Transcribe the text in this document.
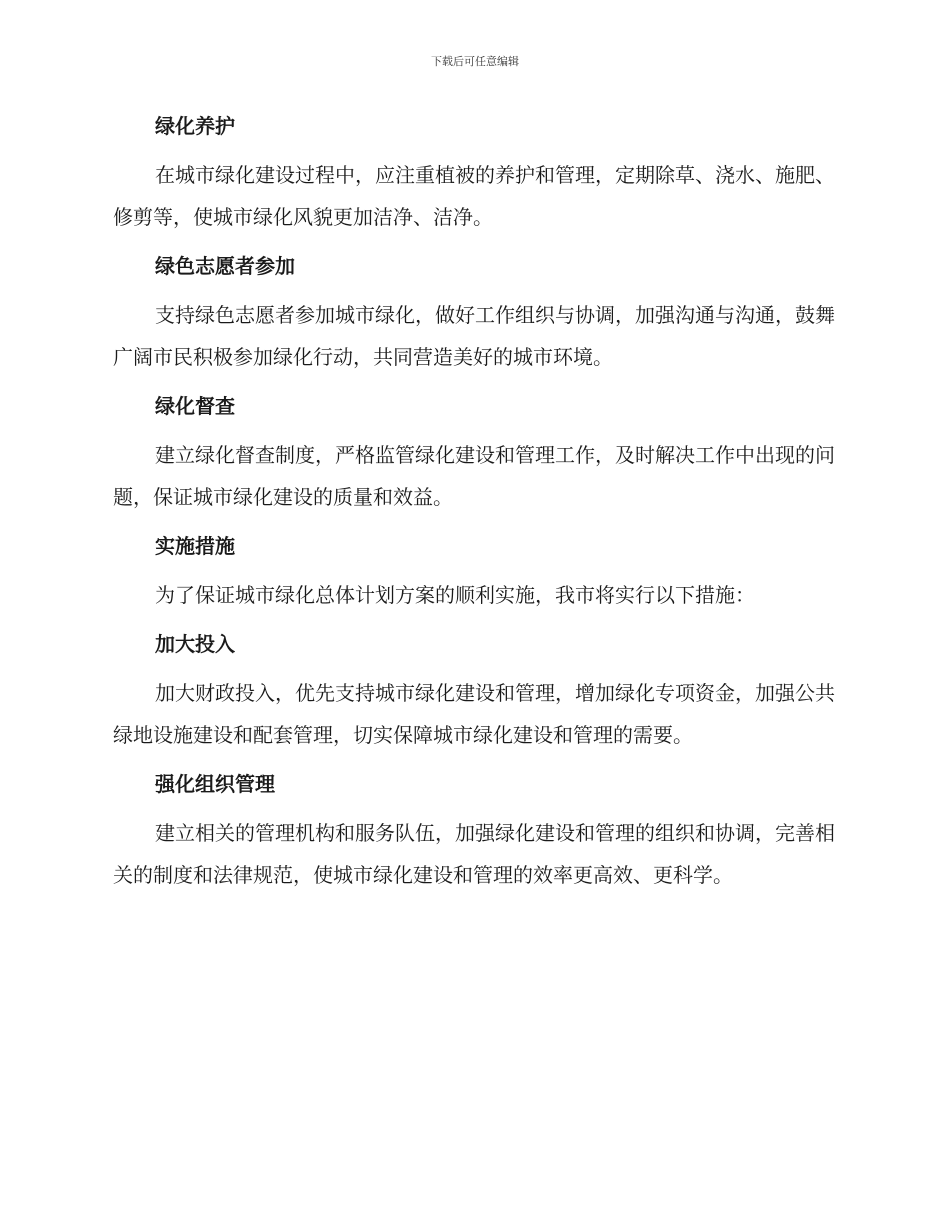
下载后可任意编辑
绿化养护

在城市绿化建设过程中，应注重植被的养护和管理，定期除草、浇水、施肥、修剪等，使城市绿化风貌更加洁净、洁净。

绿色志愿者参加

支持绿色志愿者参加城市绿化，做好工作组织与协调，加强沟通与沟通，鼓舞广阔市民积极参加绿化行动，共同营造美好的城市环境。

绿化督查

建立绿化督查制度，严格监管绿化建设和管理工作，及时解决工作中出现的问题，保证城市绿化建设的质量和效益。

实施措施

为了保证城市绿化总体计划方案的顺利实施，我市将实行以下措施：

加大投入

加大财政投入，优先支持城市绿化建设和管理，增加绿化专项资金，加强公共绿地设施建设和配套管理，切实保障城市绿化建设和管理的需要。

强化组织管理

建立相关的管理机构和服务队伍，加强绿化建设和管理的组织和协调，完善相关的制度和法律规范，使城市绿化建设和管理的效率更高效、更科学。
